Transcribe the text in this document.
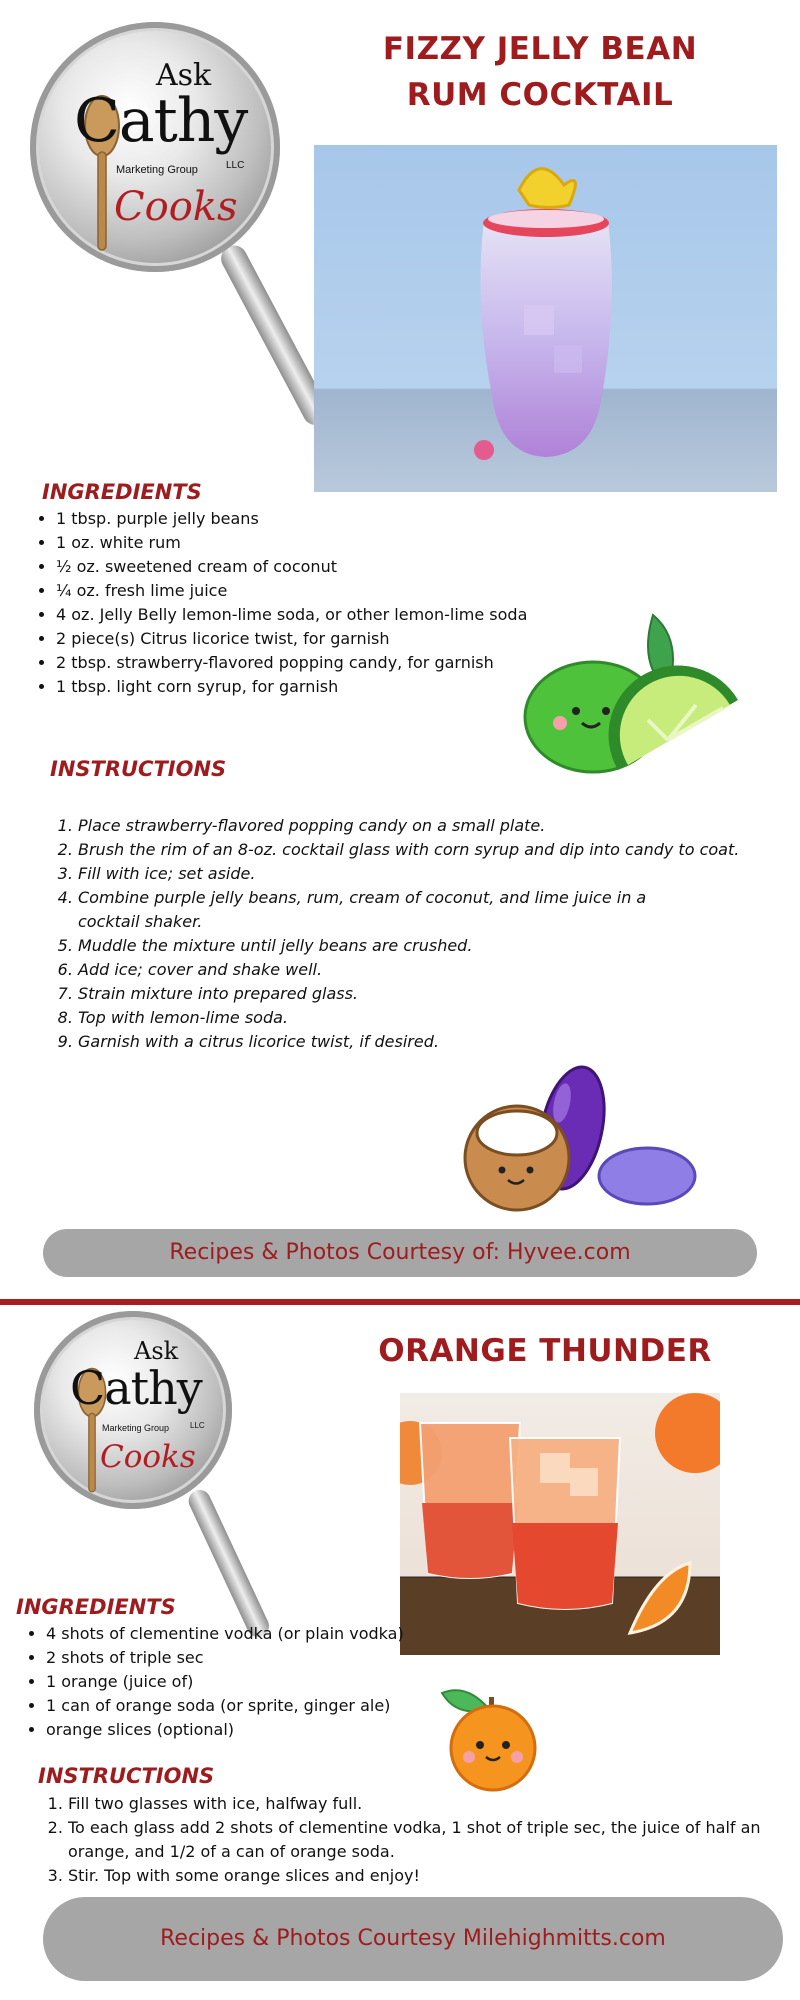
Ask
Cathy
Marketing Group	LLC
Cooks
FIZZY JELLY BEAN
RUM COCKTAIL
INGREDIENTS
• 1 tbsp. purple jelly beans
• 1 oz. white rum
• ½ oz. sweetened cream of coconut
• ¼ oz. fresh lime juice
• 4 oz. Jelly Belly lemon-lime soda, or other lemon-lime soda
• 2 piece(s) Citrus licorice twist, for garnish
• 2 tbsp. strawberry-flavored popping candy, for garnish
• 1 tbsp. light corn syrup, for garnish
INSTRUCTIONS
1. Place strawberry-flavored popping candy on a small plate.
2. Brush the rim of an 8-oz. cocktail glass with corn syrup and dip into candy to coat.
3. Fill with ice; set aside.
4. Combine purple jelly beans, rum, cream of coconut, and lime juice in a cocktail shaker.
5. Muddle the mixture until jelly beans are crushed.
6. Add ice; cover and shake well.
7. Strain mixture into prepared glass.
8. Top with lemon-lime soda.
9. Garnish with a citrus licorice twist, if desired.
Recipes & Photos Courtesy of: Hyvee.com
Ask
Cathy
Marketing Group	LLC
Cooks
ORANGE THUNDER
INGREDIENTS
• 4 shots of clementine vodka (or plain vodka)
• 2 shots of triple sec
• 1 orange (juice of)
• 1 can of orange soda (or sprite, ginger ale)
• orange slices (optional)
INSTRUCTIONS
1. Fill two glasses with ice, halfway full.
2. To each glass add 2 shots of clementine vodka, 1 shot of triple sec, the juice of half an orange, and 1/2 of a can of orange soda.
3. Stir. Top with some orange slices and enjoy!
Recipes & Photos Courtesy Milehighmitts.com
